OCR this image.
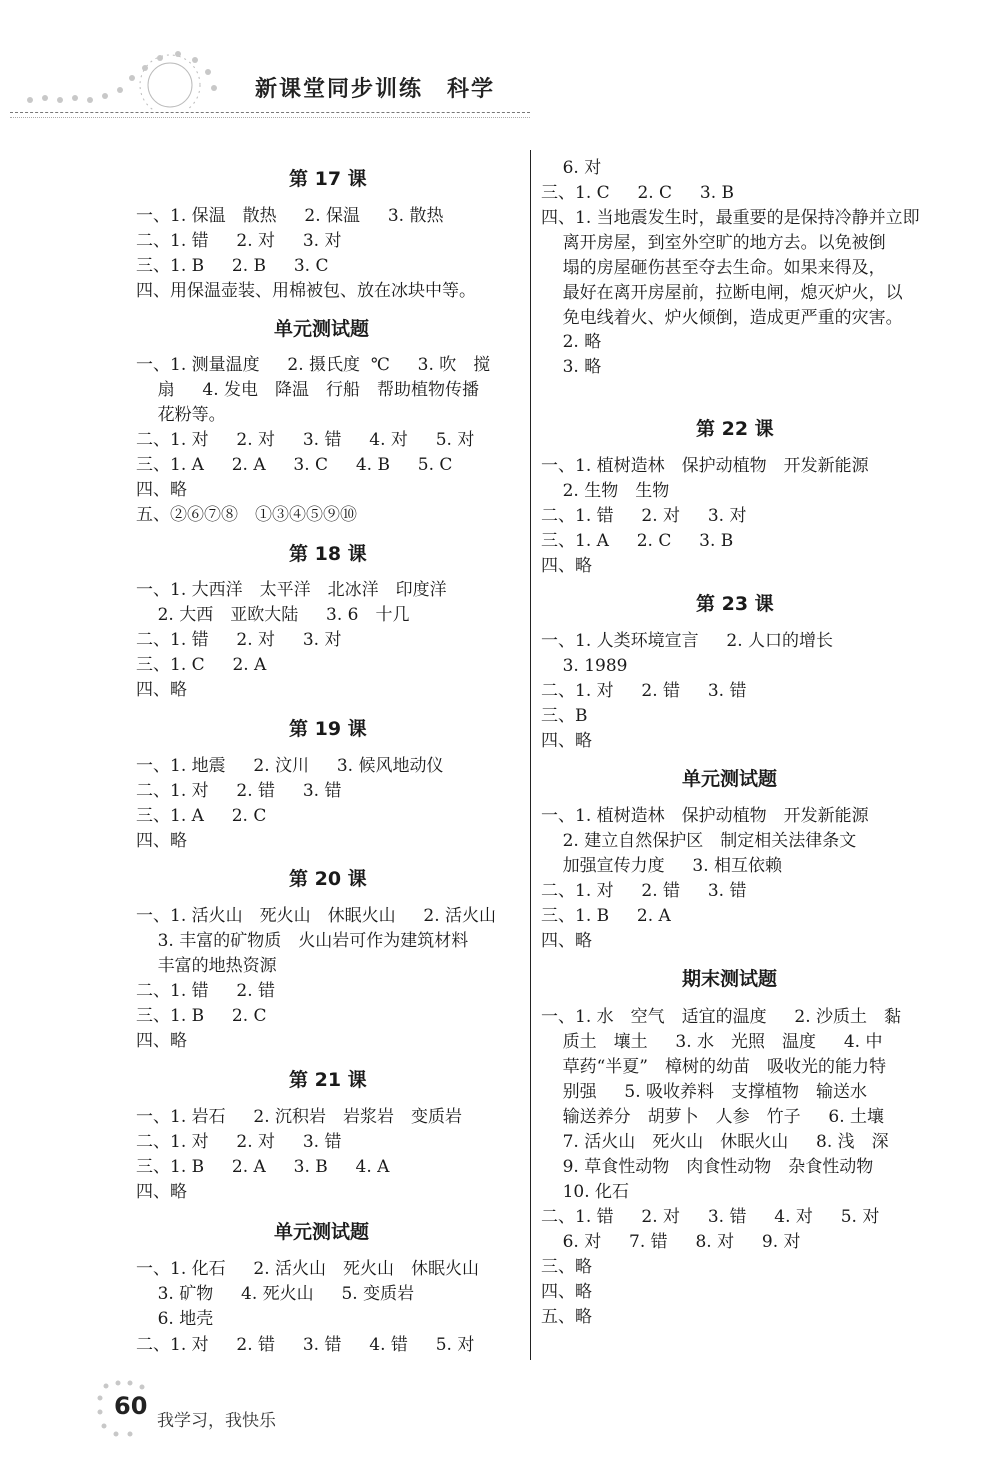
新课堂同步训练　科学
第 17 课
一、1. 保温　散热　  2. 保温　  3. 散热
二、1. 错　  2. 对　  3. 对
三、1. B　  2. B　  3. C
四、用保温壶装、用棉被包、放在冰块中等。
单元测试题
一、1. 测量温度　  2. 摄氏度  ℃　  3. 吹　搅
扇　  4. 发电　降温　行船　帮助植物传播
花粉等。
二、1. 对　  2. 对　  3. 错　  4. 对　  5. 对
三、1. A　  2. A　  3. C　  4. B　  5. C
四、略
五、②⑥⑦⑧　①③④⑤⑨⑩
第 18 课
一、1. 大西洋　太平洋　北冰洋　印度洋
2. 大西　亚欧大陆　  3. 6　十几
二、1. 错　  2. 对　  3. 对
三、1. C　  2. A
四、略
第 19 课
一、1. 地震　  2. 汶川　  3. 候风地动仪
二、1. 对　  2. 错　  3. 错
三、1. A　  2. C
四、略
第 20 课
一、1. 活火山　死火山　休眠火山　  2. 活火山
3. 丰富的矿物质　火山岩可作为建筑材料
丰富的地热资源
二、1. 错　  2. 错
三、1. B　  2. C
四、略
第 21 课
一、1. 岩石　  2. 沉积岩　岩浆岩　变质岩
二、1. 对　  2. 对　  3. 错
三、1. B　  2. A　  3. B　  4. A
四、略
单元测试题
一、1. 化石　  2. 活火山　死火山　休眠火山
3. 矿物　  4. 死火山　  5. 变质岩
6. 地壳
二、1. 对　  2. 错　  3. 错　  4. 错　  5. 对
6. 对
三、1. C　  2. C　  3. B
四、1. 当地震发生时，最重要的是保持冷静并立即
离开房屋，到室外空旷的地方去。以免被倒
塌的房屋砸伤甚至夺去生命。如果来得及，
最好在离开房屋前，拉断电闸，熄灭炉火，以
免电线着火、炉火倾倒，造成更严重的灾害。
2. 略
3. 略
第 22 课
一、1. 植树造林　保护动植物　开发新能源
2. 生物　生物
二、1. 错　  2. 对　  3. 对
三、1. A　  2. C　  3. B
四、略
第 23 课
一、1. 人类环境宣言　  2. 人口的增长
3. 1989
二、1. 对　  2. 错　  3. 错
三、B
四、略
单元测试题
一、1. 植树造林　保护动植物　开发新能源
2. 建立自然保护区　制定相关法律条文
加强宣传力度　  3. 相互依赖
二、1. 对　  2. 错　  3. 错
三、1. B　  2. A
四、略
期末测试题
一、1. 水　空气　适宜的温度　  2. 沙质土　黏
质土　壤土　  3. 水　光照　温度　  4. 中
草药“半夏”　樟树的幼苗　吸收光的能力特
别强　  5. 吸收养料　支撑植物　输送水
输送养分　胡萝卜　人参　竹子　  6. 土壤
7. 活火山　死火山　休眠火山　  8. 浅　深
9. 草食性动物　肉食性动物　杂食性动物
10. 化石
二、1. 错　  2. 对　  3. 错　  4. 对　  5. 对
6. 对　  7. 错　  8. 对　  9. 对
三、略
四、略
五、略
60
我学习，我快乐
